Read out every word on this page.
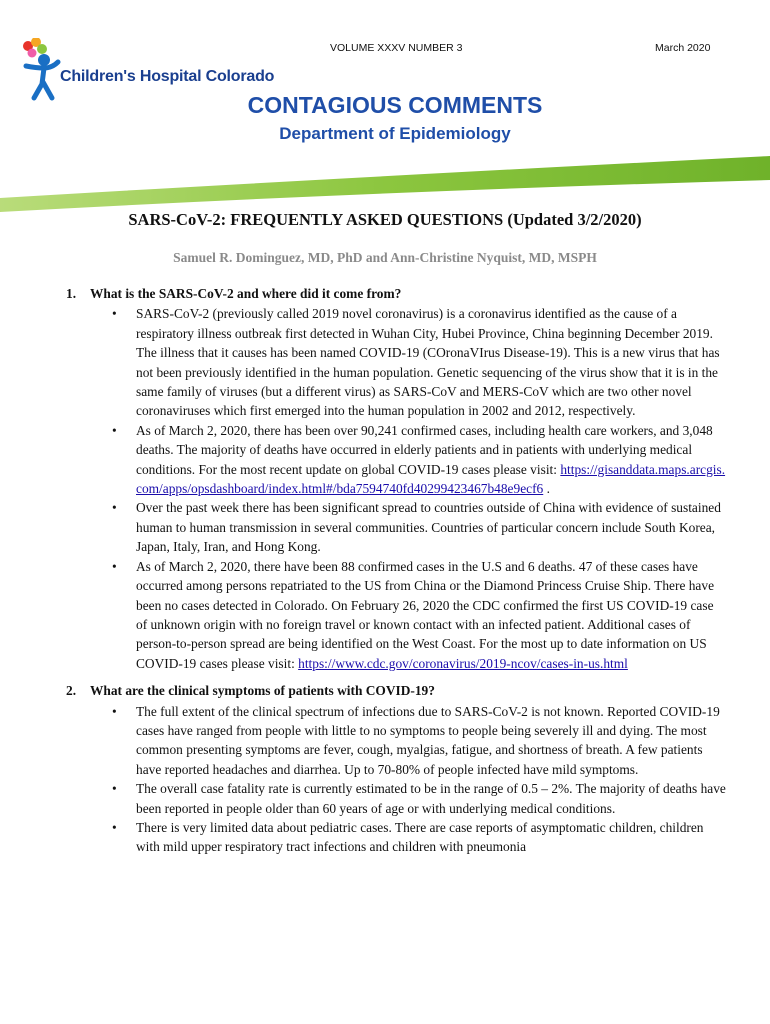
Children's Hospital Colorado
VOLUME XXXV NUMBER 3	March 2020
CONTAGIOUS COMMENTS
Department of Epidemiology
SARS-CoV-2: FREQUENTLY ASKED QUESTIONS (Updated 3/2/2020)
Samuel R. Dominguez, MD, PhD and Ann-Christine Nyquist, MD, MSPH
1.	What is the SARS-CoV-2 and where did it come from?
• SARS-CoV-2 (previously called 2019 novel coronavirus) is a coronavirus identified as the cause of a respiratory illness outbreak first detected in Wuhan City, Hubei Province, China beginning December 2019. The illness that it causes has been named COVID-19 (COronaVIrus Disease-19). This is a new virus that has not been previously identified in the human population. Genetic sequencing of the virus show that it is in the same family of viruses (but a different virus) as SARS-CoV and MERS-CoV which are two other novel coronaviruses which first emerged into the human population in 2002 and 2012, respectively.
• As of March 2, 2020, there has been over 90,241 confirmed cases, including health care workers, and 3,048 deaths. The majority of deaths have occurred in elderly patients and in patients with underlying medical conditions. For the most recent update on global COVID-19 cases please visit: https://gisanddata.maps.arcgis.com/apps/opsdashboard/index.html#/bda7594740fd40299423467b48e9ecf6 .
• Over the past week there has been significant spread to countries outside of China with evidence of sustained human to human transmission in several communities. Countries of particular concern include South Korea, Japan, Italy, Iran, and Hong Kong.
• As of March 2, 2020, there have been 88 confirmed cases in the U.S and 6 deaths. 47 of these cases have occurred among persons repatriated to the US from China or the Diamond Princess Cruise Ship. There have been no cases detected in Colorado. On February 26, 2020 the CDC confirmed the first US COVID-19 case of unknown origin with no foreign travel or known contact with an infected patient. Additional cases of person-to-person spread are being identified on the West Coast. For the most up to date information on US COVID-19 cases please visit: https://www.cdc.gov/coronavirus/2019-ncov/cases-in-us.html
2.	What are the clinical symptoms of patients with COVID-19?
• The full extent of the clinical spectrum of infections due to SARS-CoV-2 is not known. Reported COVID-19 cases have ranged from people with little to no symptoms to people being severely ill and dying. The most common presenting symptoms are fever, cough, myalgias, fatigue, and shortness of breath. A few patients have reported headaches and diarrhea. Up to 70-80% of people infected have mild symptoms.
• The overall case fatality rate is currently estimated to be in the range of 0.5 – 2%. The majority of deaths have been reported in people older than 60 years of age or with underlying medical conditions.
• There is very limited data about pediatric cases. There are case reports of asymptomatic children, children with mild upper respiratory tract infections and children with pneumonia
